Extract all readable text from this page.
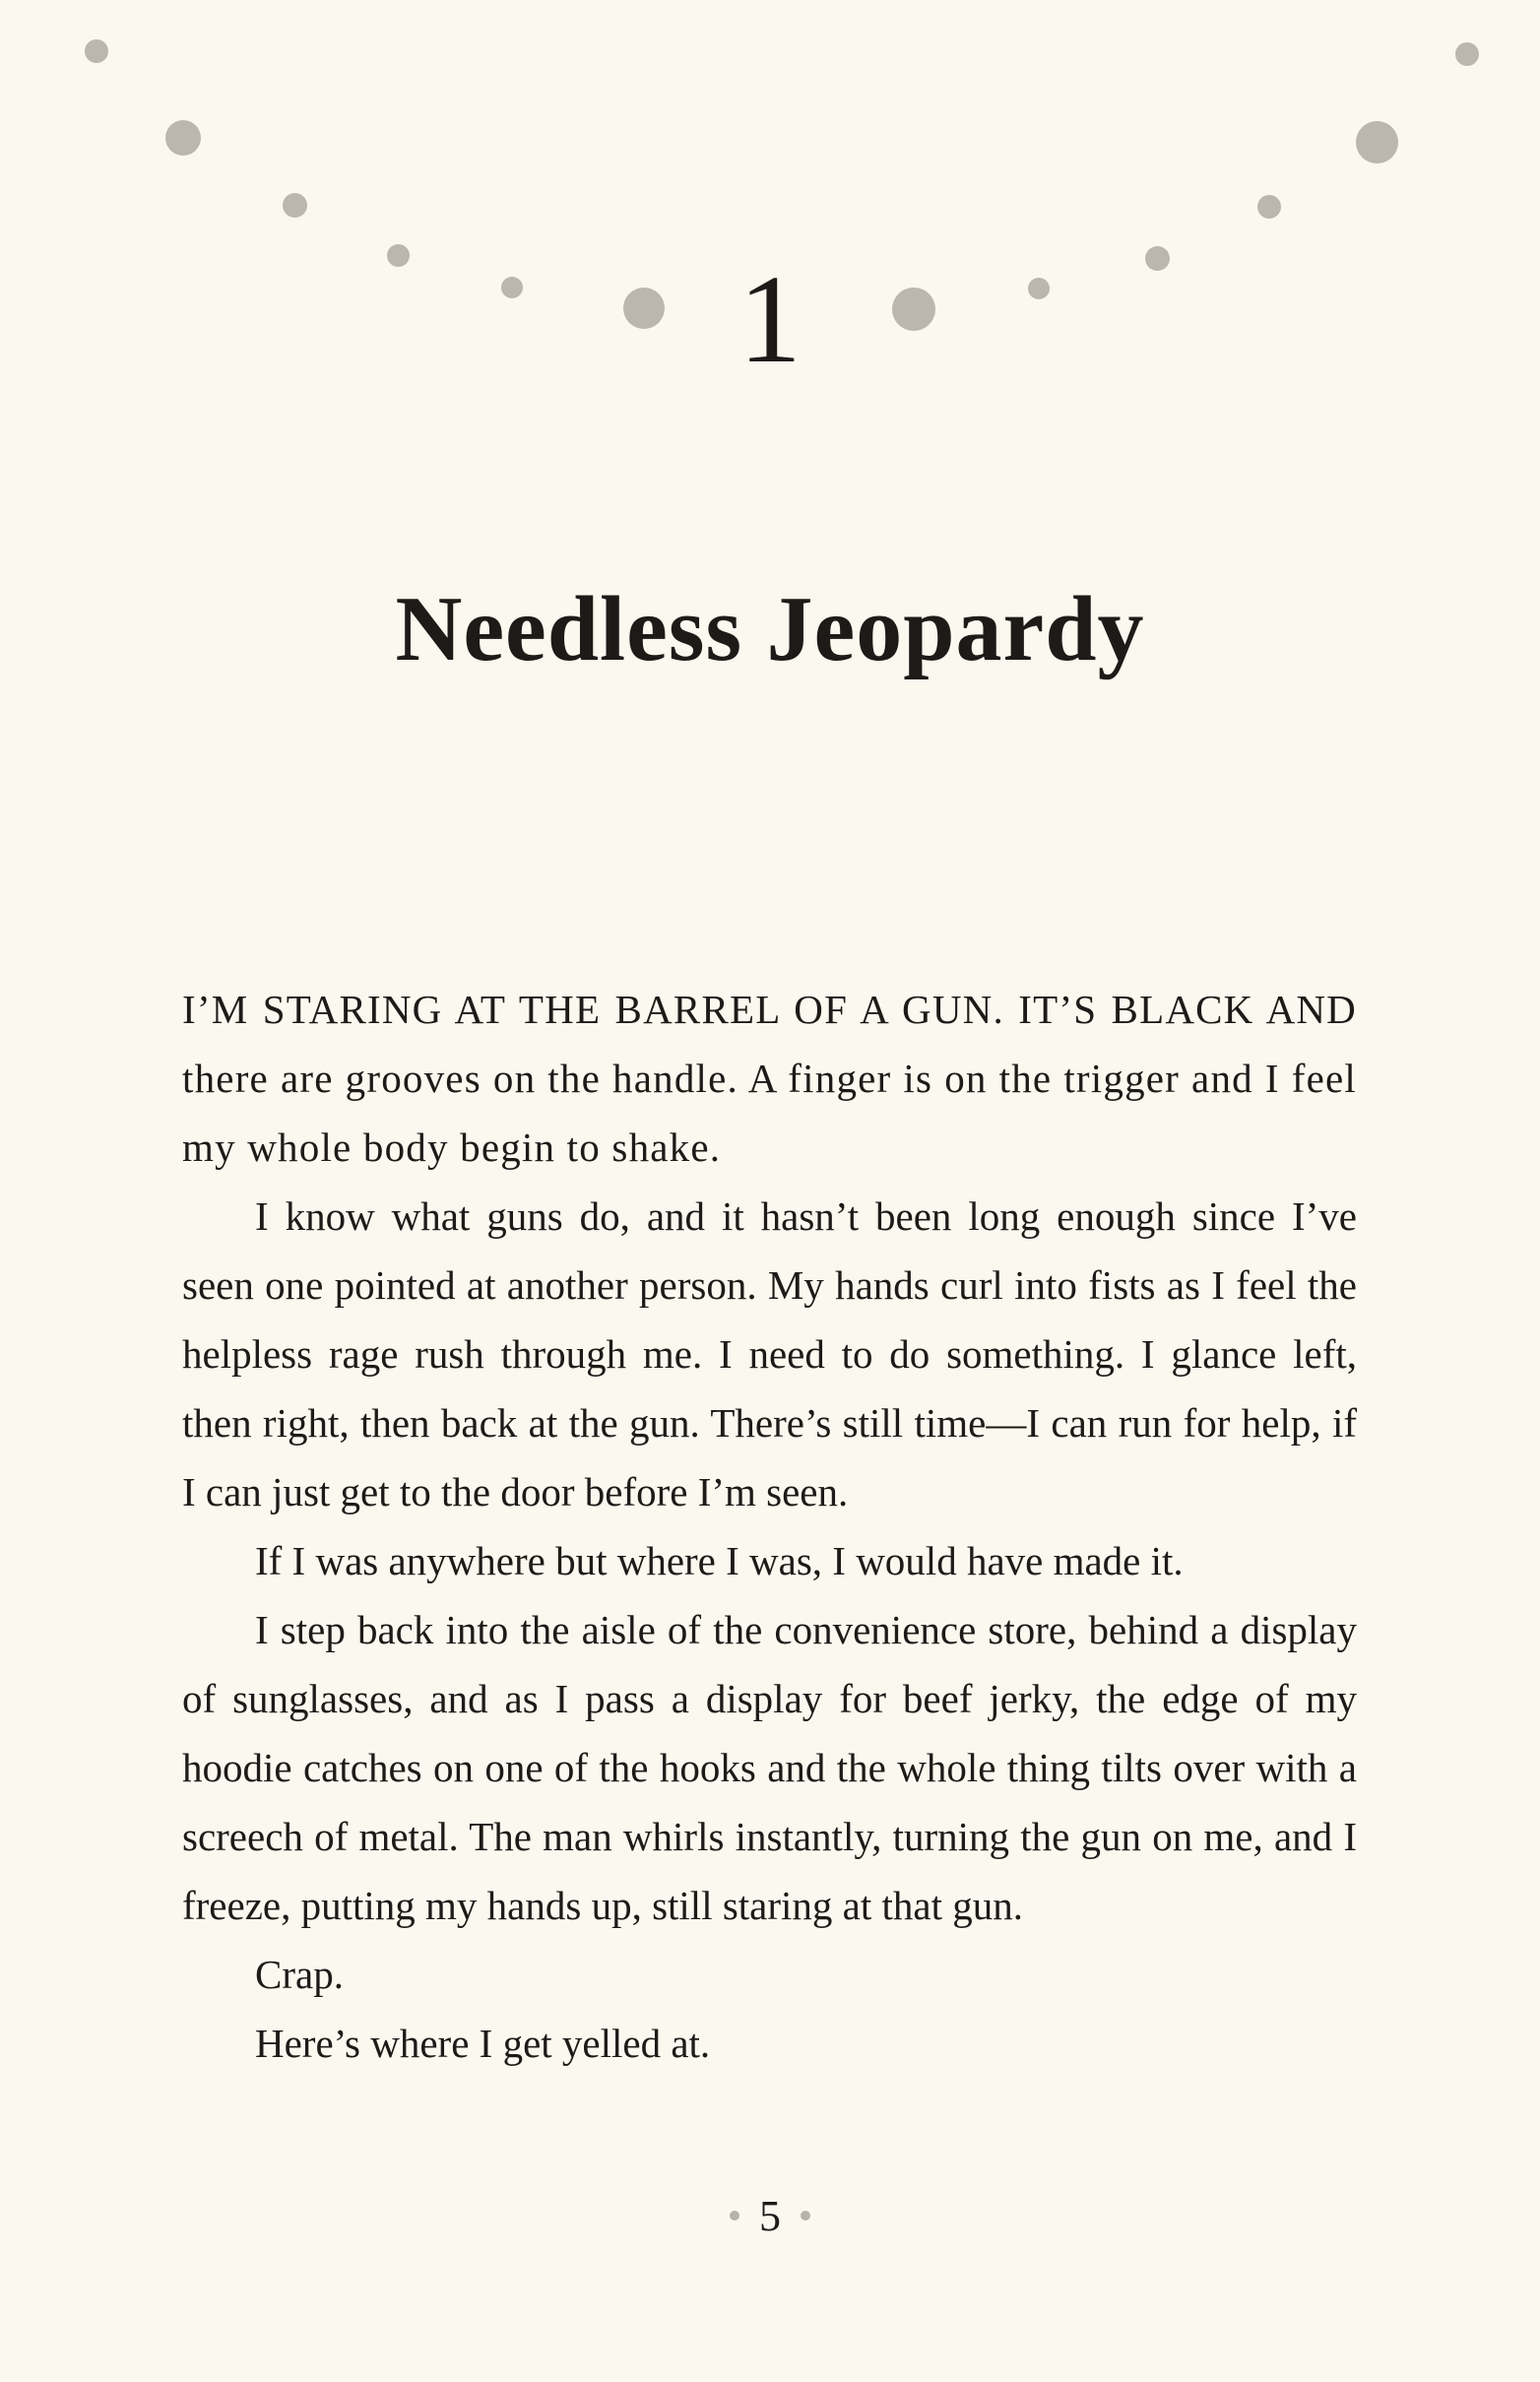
1
Needless Jeopardy

I’M STARING AT THE BARREL OF A GUN. IT’S BLACK AND there are grooves on the handle. A finger is on the trigger and I feel my whole body begin to shake.

I know what guns do, and it hasn’t been long enough since I’ve seen one pointed at another person. My hands curl into fists as I feel the helpless rage rush through me. I need to do something. I glance left, then right, then back at the gun. There’s still time—I can run for help, if I can just get to the door before I’m seen.

If I was anywhere but where I was, I would have made it.

I step back into the aisle of the convenience store, behind a display of sunglasses, and as I pass a display for beef jerky, the edge of my hoodie catches on one of the hooks and the whole thing tilts over with a screech of metal. The man whirls instantly, turning the gun on me, and I freeze, putting my hands up, still staring at that gun.

Crap.

Here’s where I get yelled at.

5
